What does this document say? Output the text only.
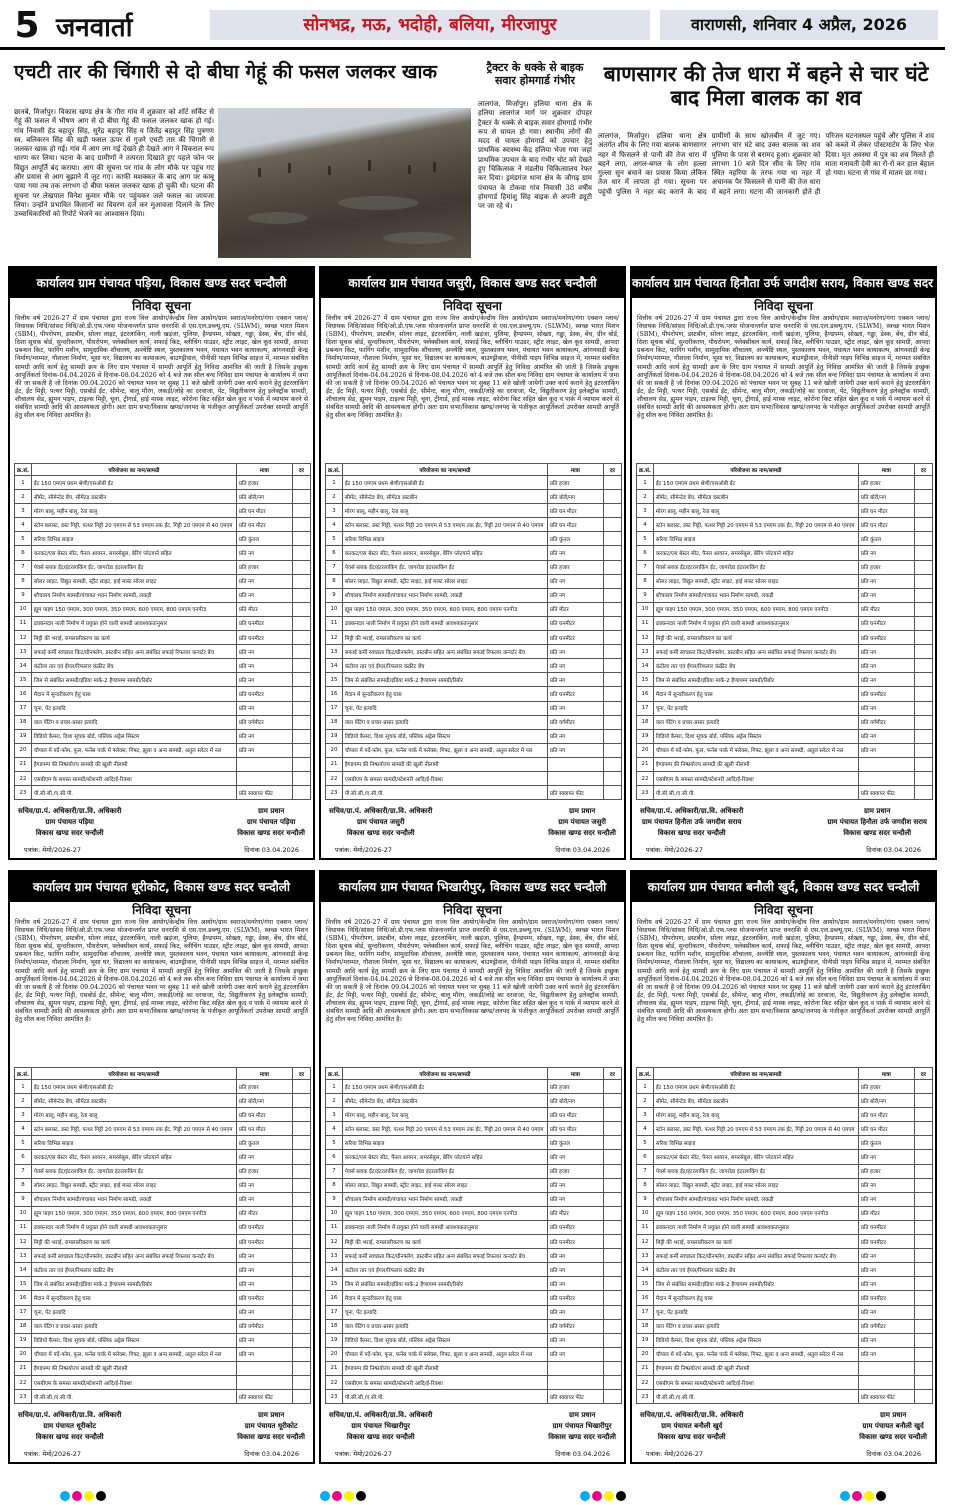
5 जनवार्ता	सोनभद्र, मऊ, भदोही, बलिया, मीरजापुर	वाराणसी, शनिवार 4 अप्रैल, 2026
एचटी तार की चिंगारी से दो बीघा गेहूं की फसल जलकर खाक
छानबे, मिर्जापुर। विकास खण्ड क्षेत्र के गौरा गांव में शुक्रवार को शॉर्ट सर्किट से गेहूं की फसल में भीषण आग से दो बीघा गेहूं की फसल जलकर खाक हो गई। गांव निवासी हेड बहादुर सिंह, सुरेंद्र बहादुर सिंह व जितेंद्र बहादुर सिंह पुत्रगण स्व. बलिकरन सिंह की खड़ी फसल ऊपर से गुजरे एचटी तार की चिंगारी से जलकर खाक हो गई। गांव में आग लग गई देखते ही देखते आग ने विकराल रूप धारण कर लिया। घटना के बाद ग्रामीणों ने तत्परता दिखाते हुए पहले फोन पर विद्युत आपूर्ति बंद कराया। आग की सूचना पर गांव के लोग मौके पर पहुंच गए और प्रयास से आग बुझाने में जुट गए। काफी मशक्कत के बाद आग पर काबू पाया गया तब तक लगभग दो बीघा फसल जलकर खाक हो चुकी थी। घटना की सूचना पर लेखपाल विनेश कुमार मौके पर पहुंचकर जले फसल का जायजा लिया। उन्होंने प्रभावित किसानों का विवरण दर्ज कर मुआवजा दिलाने के लिए उच्चाधिकारियों को रिपोर्ट भेजने का आश्वासन दिया।
ट्रैक्टर के धक्के से बाइक सवार होमगार्ड गंभीर
लालगंज, मिर्जापुर। हलिया थाना क्षेत्र के हलिया लालगंज मार्ग पर शुक्रवार दोपहर ट्रैक्टर के धक्के से बाइक सवार होमगार्ड गंभीर रूप से घायल हो गया। स्थानीय लोगों की मदद से घायल होमगार्ड को उपचार हेतु प्राथमिक स्वास्थ्य केंद्र हलिया भेजा गया जहां प्राथमिक उपचार के बाद गंभीर चोट को देखते हुए चिकित्सक ने मंडलीय चिकित्सालय रेफर कर दिया। ड्रमंडगंज थाना क्षेत्र के जौगढ़ ग्राम पंचायत के टोकवा गांव निवासी 38 वर्षीय होमगार्ड हिमांशु सिंह बाइक से अपनी ड्यूटी पर जा रहे थे।
बाणसागर की तेज धारा में बहने से चार घंटे बाद मिला बालक का शव
लालगंज, मिर्जापुर। हलिया थाना क्षेत्र अंतर्गत शीव के लिए गया बालक बाणसागर नहर में फिसलने से पानी की तेज धारा में बहने लगा, अगल-बगल के लोग हल्ला गुल्ला सुन बचाने का प्रयास किया लेकिन तेज धार में लापता हो गया। सूचना पर पहुंची पुलिस ने नहर बंद कराने के बाद ग्रामीणों के साथ खोजबीन में जुट गए। लगभग चार घंटे बाद उक्त बालक का शव पुलिया के पास से बरामद हुआ। शुक्रवार को लगभग 10 बजे दिन सीव के लिए गांव स्थित नहरिया के तरफ गया था नहर में अचानक पैर फिसलने से पानी की तेज धारा में बहने लगा। घटना की जानकारी होते ही परिजन घटनास्थल पहुंचे और पुलिस ने शव को कब्जे में लेकर पोस्टमार्टम के लिए भेज दिया। मृत अवस्था में पुत्र का शव मिलते ही माता मनावती देवी का रो-रो कर हाल बेहाल हो गया। घटना से गांव में मातम छा गया।
कार्यालय ग्राम पंचायत पड़िया, विकास खण्ड सदर चन्दौली
निविदा सूचना
वित्तीय वर्ष 2026-27 में ग्राम पंचायत द्वारा राज्य वित्त आयोग/केन्द्रीय वित्त आयोग/ग्राम स्वराज/मनरेगा/गंगा एक्शन प्लान/विधायक निधि/सांसद निधि/ओ.डी.एफ.प्लस योजनान्तर्गत प्राप्त धनराशि से एस.एल.डब्ल्यू.एम. (SLWM), स्वच्छ भारत मिशन (SBM), पीपरोपण, डस्टबीन, सोलर लाइट, इंटरलाकिंग, नाली खड़ंजा, पुलिया, हैण्डपम्प, सोख्ता, गड्ढा, डेस्क, बेंच, ग्रीन बोर्ड, दिशा सूचक बोर्ड, सुन्दरीकरण, पौधरोपण, फ्लेक्सीबल कार्य, सफाई किट, ब्लीचिंग पाउडर, स्ट्रीट लाइट, खेल कूद सामग्री, आपदा प्रबन्धन किट, फागिंग मशीन, सामुदायिक शौचालय, अन्त्येष्टि स्थल, पुस्तकालय भवन, पंचायत भवन कायाकल्प, आंगनवाड़ी केन्द्र निर्माण/मरम्मत, गौशाला निर्माण, भूसा घर, विद्यालय का कायाकल्प, बाउण्ड्रीवाल, पीनीसी पाइप विभिन्न साइज में, मरम्मत संबंधित सामग्री आदि कार्य हेतु सामग्री क्रय के लिए ग्राम पंचायत में सामग्री आपूर्ति हेतु निविदा आमंत्रित की जाती है जिसके इच्छुक आपूर्तिकर्ता दिनांक-04.04.2026 से दिनांक-08.04.2026 को 4 बजे तक सील बन्द निविदा ग्राम पंचायत के कार्यालय में जमा की जा सकती है जो दिनांक 09.04.2026 को पंचायत भवन पर सुबह 11 बजे खोली जायेगी उक्त कार्य कराने हेतु इंटरलाकिंग ईंट, ईंट मिट्टी, पत्थर मिट्टी, एसबोर्ड ईंट, सीमेन्ट, बालू मौरंग, लकड़ी/लोहे का दरवाजा, पेंट, विद्युतीकरण हेतु इलेक्ट्रॉक सामग्री, शौचालय सेड, ह्यूमन पाइप, टाइल्स मिट्टी, चूना, ट्रीगार्ड, हाई मास्क लाइट, कोरोना किट सहित खेल कूद व पार्क में व्यायाम करने से संबंधित सामग्री आदि की आवश्यकता होगी। अतः ग्राम सभा/विकास खण्ड/जनपद के पंजीकृत आपूर्तिकर्ता उपरोक्त सामग्री आपूर्ति हेतु सील बन्द निविदा आमंत्रित है।
क्र.सं.	परियोजना का नाम/सामग्री	मात्रा	दर
1	ईंट 150 एमएम प्रथम श्रेणी/एसओबी ईंट	प्रति हजार	
2	सीमेंट, सीमेन्टेड बेंच, सीमेंटड डस्टबीन	प्रति बोरी/नग	
3	मोरंग बालू, महीन बालू, रेता बालू	प्रति घन मीटर	
4	स्टोन बलास्ट, डस्ट गिट्टी, पत्थर गिट्टी 20 एमएम से 53 एमएम तक ईंट, गिट्टी 20 एमएम से 40 एमएम	प्रति घन मीटर	
5	सरिया विभिन्न साइज	प्रति कुंतल	
6	करकट/एस बेस्टर सीट, पैनल आयरन, समरसेबुल, बेरिंग प्लेटयार्न सहित	प्रति नग	
7	पेवर्स ब्लाक ईंट/इंटरलाकिंग ईंट, जागरोडा इंटरलाकिंग ईंट	प्रति हजार	
8	सोलर लाइट, विद्युत सामग्री, स्ट्रीट लाइट, हाई मास्ट सोलर लाइट	प्रति नग	
9	शौचालय निर्माण सामग्री/पंचायत भवन निर्माण सामग्री, लकड़ी	प्रति नग	
10	ह्यूम पाइप 150 एमएम, 300 एमएम, 350 एमएम, 600 एमएम, 800 एमएम एनपी3	प्रति मीटर	
11	ढक्कनदार नाली निर्माण में प्रयुक्त होने वाली सामग्री आवश्यकतानुसार	प्रति घनमीटर	
12	मिट्टी की भराई, रामलालीकरण का कार्य	प्रति घनमीटर	
13	सफाई कर्मी स्वच्छता किट/ग्रीनफ्लेग, डस्टबीन सहित अन्य संबंधित सफाई रिफलार कन्वर्टर बेंच	प्रति नग	
14	कंटीला तार एवं ईंगल/रिफलार कंक्रीट बेंच	प्रति नग	
15	जिम से संबंधित सामग्री/इंडिया मार्क-2 हैण्डपम्प सामग्री/रिबोर	प्रति नग	
16	मैदान में सुन्दरीकरण हेतु घास	प्रति घनमीटर	
17	चूना, पेंट इत्यादि	प्रति नग	
18	वाल पेंटिंग व प्रचार-प्रसार इत्यादि	प्रति वर्गमीटर	
19	विडियो कैमरा, दिशा सूचक बोर्ड, पब्लिक अड्रेस सिस्टम	प्रति नग	
20	चौपाल में पर्दे-फोम, फूल, फनेंस पार्क में फ्लेक्स, गिफ्ट, झूला व अन्य सामग्री, अतुल स्लेटर में नल	प्रति नग	
21	हैण्डपम्प की निष्प्रयोज्य सामग्री की खुली नीलामी		
22	एसबीएम के समस्त सामग्री/स्टेशनरी आदि/ई-रिक्शा		
23	पी.सी.सी./ए.सी.पी.	प्रति स्क्वायर फीट	
सचिव/ग्रा.पं. अधिकारी/ग्रा.वि. अधिकारी
ग्राम पंचायत पड़िया
विकास खण्ड सदर चन्दौली
ग्राम प्रधान
ग्राम पंचायत पड़िया
विकास खण्ड सदर चन्दौली
पत्रांक: मेमो/2026-27	दिनांक 03.04.2026
कार्यालय ग्राम पंचायत जसुरी, विकास खण्ड सदर चन्दौली
निविदा सूचना
वित्तीय वर्ष 2026-27 में ग्राम पंचायत द्वारा राज्य वित्त आयोग/केन्द्रीय वित्त आयोग/ग्राम स्वराज/मनरेगा/गंगा एक्शन प्लान/विधायक निधि/सांसद निधि/ओ.डी.एफ.प्लस योजनान्तर्गत प्राप्त धनराशि से एस.एल.डब्ल्यू.एम. (SLWM), स्वच्छ भारत मिशन (SBM), पीपरोपण, डस्टबीन, सोलर लाइट, इंटरलाकिंग, नाली खड़ंजा, पुलिया, हैण्डपम्प, सोख्ता, गड्ढा, डेस्क, बेंच, ग्रीन बोर्ड, दिशा सूचक बोर्ड, सुन्दरीकरण, पौधरोपण, फ्लेक्सीबल कार्य, सफाई किट, ब्लीचिंग पाउडर, स्ट्रीट लाइट, खेल कूद सामग्री, आपदा प्रबन्धन किट, फागिंग मशीन, सामुदायिक शौचालय, अन्त्येष्टि स्थल, पुस्तकालय भवन, पंचायत भवन कायाकल्प, आंगनवाड़ी केन्द्र निर्माण/मरम्मत, गौशाला निर्माण, भूसा घर, विद्यालय का कायाकल्प, बाउण्ड्रीवाल, पीनीसी पाइप विभिन्न साइज में, मरम्मत संबंधित सामग्री आदि कार्य हेतु सामग्री क्रय के लिए ग्राम पंचायत में सामग्री आपूर्ति हेतु निविदा आमंत्रित की जाती है जिसके इच्छुक आपूर्तिकर्ता दिनांक-04.04.2026 से दिनांक-08.04.2026 को 4 बजे तक सील बन्द निविदा ग्राम पंचायत के कार्यालय में जमा की जा सकती है जो दिनांक 09.04.2026 को पंचायत भवन पर सुबह 11 बजे खोली जायेगी उक्त कार्य कराने हेतु इंटरलाकिंग ईंट, ईंट मिट्टी, पत्थर मिट्टी, एसबोर्ड ईंट, सीमेन्ट, बालू मौरंग, लकड़ी/लोहे का दरवाजा, पेंट, विद्युतीकरण हेतु इलेक्ट्रॉक सामग्री, शौचालय सेड, ह्यूमन पाइप, टाइल्स मिट्टी, चूना, ट्रीगार्ड, हाई मास्क लाइट, कोरोना किट सहित खेल कूद व पार्क में व्यायाम करने से संबंधित सामग्री आदि की आवश्यकता होगी। अतः ग्राम सभा/विकास खण्ड/जनपद के पंजीकृत आपूर्तिकर्ता उपरोक्त सामग्री आपूर्ति हेतु सील बन्द निविदा आमंत्रित है।
क्र.सं.	परियोजना का नाम/सामग्री	मात्रा	दर
1	ईंट 150 एमएम प्रथम श्रेणी/एसओबी ईंट	प्रति हजार	
2	सीमेंट, सीमेन्टेड बेंच, सीमेंटड डस्टबीन	प्रति बोरी/नग	
3	मोरंग बालू, महीन बालू, रेता बालू	प्रति घन मीटर	
4	स्टोन बलास्ट, डस्ट गिट्टी, पत्थर गिट्टी 20 एमएम से 53 एमएम तक ईंट, गिट्टी 20 एमएम से 40 एमएम	प्रति घन मीटर	
5	सरिया विभिन्न साइज	प्रति कुंतल	
6	करकट/एस बेस्टर सीट, पैनल आयरन, समरसेबुल, बेरिंग प्लेटयार्न सहित	प्रति नग	
7	पेवर्स ब्लाक ईंट/इंटरलाकिंग ईंट, जागरोडा इंटरलाकिंग ईंट	प्रति हजार	
8	सोलर लाइट, विद्युत सामग्री, स्ट्रीट लाइट, हाई मास्ट सोलर लाइट	प्रति नग	
9	शौचालय निर्माण सामग्री/पंचायत भवन निर्माण सामग्री, लकड़ी	प्रति नग	
10	ह्यूम पाइप 150 एमएम, 300 एमएम, 350 एमएम, 600 एमएम, 800 एमएम एनपी3	प्रति मीटर	
11	ढक्कनदार नाली निर्माण में प्रयुक्त होने वाली सामग्री आवश्यकतानुसार	प्रति घनमीटर	
12	मिट्टी की भराई, रामलालीकरण का कार्य	प्रति घनमीटर	
13	सफाई कर्मी स्वच्छता किट/ग्रीनफ्लेग, डस्टबीन सहित अन्य संबंधित सफाई रिफलार कन्वर्टर बेंच	प्रति नग	
14	कंटीला तार एवं ईंगल/रिफलार कंक्रीट बेंच	प्रति नग	
15	जिम से संबंधित सामग्री/इंडिया मार्क-2 हैण्डपम्प सामग्री/रिबोर	प्रति नग	
16	मैदान में सुन्दरीकरण हेतु घास	प्रति घनमीटर	
17	चूना, पेंट इत्यादि	प्रति नग	
18	वाल पेंटिंग व प्रचार-प्रसार इत्यादि	प्रति वर्गमीटर	
19	विडियो कैमरा, दिशा सूचक बोर्ड, पब्लिक अड्रेस सिस्टम	प्रति नग	
20	चौपाल में पर्दे-फोम, फूल, फनेंस पार्क में फ्लेक्स, गिफ्ट, झूला व अन्य सामग्री, अतुल स्लेटर में नल	प्रति नग	
21	हैण्डपम्प की निष्प्रयोज्य सामग्री की खुली नीलामी		
22	एसबीएम के समस्त सामग्री/स्टेशनरी आदि/ई-रिक्शा		
23	पी.सी.सी./ए.सी.पी.	प्रति स्क्वायर फीट	
सचिव/ग्रा.पं. अधिकारी/ग्रा.वि. अधिकारी
ग्राम पंचायत जसुरी
विकास खण्ड सदर चन्दौली
ग्राम प्रधान
ग्राम पंचायत जसुरी
विकास खण्ड सदर चन्दौली
पत्रांक: मेमो/2026-27	दिनांक 03.04.2026
कार्यालय ग्राम पंचायत हिनौता उर्फ जगदीश सराय, विकास खण्ड सदर चन्दौली
निविदा सूचना
वित्तीय वर्ष 2026-27 में ग्राम पंचायत द्वारा राज्य वित्त आयोग/केन्द्रीय वित्त आयोग/ग्राम स्वराज/मनरेगा/गंगा एक्शन प्लान/विधायक निधि/सांसद निधि/ओ.डी.एफ.प्लस योजनान्तर्गत प्राप्त धनराशि से एस.एल.डब्ल्यू.एम. (SLWM), स्वच्छ भारत मिशन (SBM), पीपरोपण, डस्टबीन, सोलर लाइट, इंटरलाकिंग, नाली खड़ंजा, पुलिया, हैण्डपम्प, सोख्ता, गड्ढा, डेस्क, बेंच, ग्रीन बोर्ड, दिशा सूचक बोर्ड, सुन्दरीकरण, पौधरोपण, फ्लेक्सीबल कार्य, सफाई किट, ब्लीचिंग पाउडर, स्ट्रीट लाइट, खेल कूद सामग्री, आपदा प्रबन्धन किट, फागिंग मशीन, सामुदायिक शौचालय, अन्त्येष्टि स्थल, पुस्तकालय भवन, पंचायत भवन कायाकल्प, आंगनवाड़ी केन्द्र निर्माण/मरम्मत, गौशाला निर्माण, भूसा घर, विद्यालय का कायाकल्प, बाउण्ड्रीवाल, पीनीसी पाइप विभिन्न साइज में, मरम्मत संबंधित सामग्री आदि कार्य हेतु सामग्री क्रय के लिए ग्राम पंचायत में सामग्री आपूर्ति हेतु निविदा आमंत्रित की जाती है जिसके इच्छुक आपूर्तिकर्ता दिनांक-04.04.2026 से दिनांक-08.04.2026 को 4 बजे तक सील बन्द निविदा ग्राम पंचायत के कार्यालय में जमा की जा सकती है जो दिनांक 09.04.2026 को पंचायत भवन पर सुबह 11 बजे खोली जायेगी उक्त कार्य कराने हेतु इंटरलाकिंग ईंट, ईंट मिट्टी, पत्थर मिट्टी, एसबोर्ड ईंट, सीमेन्ट, बालू मौरंग, लकड़ी/लोहे का दरवाजा, पेंट, विद्युतीकरण हेतु इलेक्ट्रॉक सामग्री, शौचालय सेड, ह्यूमन पाइप, टाइल्स मिट्टी, चूना, ट्रीगार्ड, हाई मास्क लाइट, कोरोना किट सहित खेल कूद व पार्क में व्यायाम करने से संबंधित सामग्री आदि की आवश्यकता होगी। अतः ग्राम सभा/विकास खण्ड/जनपद के पंजीकृत आपूर्तिकर्ता उपरोक्त सामग्री आपूर्ति हेतु सील बन्द निविदा आमंत्रित है।
क्र.सं.	परियोजना का नाम/सामग्री	मात्रा	दर
1	ईंट 150 एमएम प्रथम श्रेणी/एसओबी ईंट	प्रति हजार	
2	सीमेंट, सीमेन्टेड बेंच, सीमेंटड डस्टबीन	प्रति बोरी/नग	
3	मोरंग बालू, महीन बालू, रेता बालू	प्रति घन मीटर	
4	स्टोन बलास्ट, डस्ट गिट्टी, पत्थर गिट्टी 20 एमएम से 53 एमएम तक ईंट, गिट्टी 20 एमएम से 40 एमएम	प्रति घन मीटर	
5	सरिया विभिन्न साइज	प्रति कुंतल	
6	करकट/एस बेस्टर सीट, पैनल आयरन, समरसेबुल, बेरिंग प्लेटयार्न सहित	प्रति नग	
7	पेवर्स ब्लाक ईंट/इंटरलाकिंग ईंट, जागरोडा इंटरलाकिंग ईंट	प्रति हजार	
8	सोलर लाइट, विद्युत सामग्री, स्ट्रीट लाइट, हाई मास्ट सोलर लाइट	प्रति नग	
9	शौचालय निर्माण सामग्री/पंचायत भवन निर्माण सामग्री, लकड़ी	प्रति नग	
10	ह्यूम पाइप 150 एमएम, 300 एमएम, 350 एमएम, 600 एमएम, 800 एमएम एनपी3	प्रति मीटर	
11	ढक्कनदार नाली निर्माण में प्रयुक्त होने वाली सामग्री आवश्यकतानुसार	प्रति घनमीटर	
12	मिट्टी की भराई, रामलालीकरण का कार्य	प्रति घनमीटर	
13	सफाई कर्मी स्वच्छता किट/ग्रीनफ्लेग, डस्टबीन सहित अन्य संबंधित सफाई रिफलार कन्वर्टर बेंच	प्रति नग	
14	कंटीला तार एवं ईंगल/रिफलार कंक्रीट बेंच	प्रति नग	
15	जिम से संबंधित सामग्री/इंडिया मार्क-2 हैण्डपम्प सामग्री/रिबोर	प्रति नग	
16	मैदान में सुन्दरीकरण हेतु घास	प्रति घनमीटर	
17	चूना, पेंट इत्यादि	प्रति नग	
18	वाल पेंटिंग व प्रचार-प्रसार इत्यादि	प्रति वर्गमीटर	
19	विडियो कैमरा, दिशा सूचक बोर्ड, पब्लिक अड्रेस सिस्टम	प्रति नग	
20	चौपाल में पर्दे-फोम, फूल, फनेंस पार्क में फ्लेक्स, गिफ्ट, झूला व अन्य सामग्री, अतुल स्लेटर में नल	प्रति नग	
21	हैण्डपम्प की निष्प्रयोज्य सामग्री की खुली नीलामी		
22	एसबीएम के समस्त सामग्री/स्टेशनरी आदि/ई-रिक्शा		
23	पी.सी.सी./ए.सी.पी.	प्रति स्क्वायर फीट	
सचिव/ग्रा.पं. अधिकारी/ग्रा.वि. अधिकारी
ग्राम पंचायत हिनौता उर्फ जगदीश सराय
विकास खण्ड सदर चन्दौली
ग्राम प्रधान
ग्राम पंचायत हिनौता उर्फ जगदीश सराय
विकास खण्ड सदर चन्दौली
पत्रांक: मेमो/2026-27	दिनांक 03.04.2026
कार्यालय ग्राम पंचायत धूरीकोट, विकास खण्ड सदर चन्दौली
निविदा सूचना
वित्तीय वर्ष 2026-27 में ग्राम पंचायत द्वारा राज्य वित्त आयोग/केन्द्रीय वित्त आयोग/ग्राम स्वराज/मनरेगा/गंगा एक्शन प्लान/विधायक निधि/सांसद निधि/ओ.डी.एफ.प्लस योजनान्तर्गत प्राप्त धनराशि से एस.एल.डब्ल्यू.एम. (SLWM), स्वच्छ भारत मिशन (SBM), पीपरोपण, डस्टबीन, सोलर लाइट, इंटरलाकिंग, नाली खड़ंजा, पुलिया, हैण्डपम्प, सोख्ता, गड्ढा, डेस्क, बेंच, ग्रीन बोर्ड, दिशा सूचक बोर्ड, सुन्दरीकरण, पौधरोपण, फ्लेक्सीबल कार्य, सफाई किट, ब्लीचिंग पाउडर, स्ट्रीट लाइट, खेल कूद सामग्री, आपदा प्रबन्धन किट, फागिंग मशीन, सामुदायिक शौचालय, अन्त्येष्टि स्थल, पुस्तकालय भवन, पंचायत भवन कायाकल्प, आंगनवाड़ी केन्द्र निर्माण/मरम्मत, गौशाला निर्माण, भूसा घर, विद्यालय का कायाकल्प, बाउण्ड्रीवाल, पीनीसी पाइप विभिन्न साइज में, मरम्मत संबंधित सामग्री आदि कार्य हेतु सामग्री क्रय के लिए ग्राम पंचायत में सामग्री आपूर्ति हेतु निविदा आमंत्रित की जाती है जिसके इच्छुक आपूर्तिकर्ता दिनांक-04.04.2026 से दिनांक-08.04.2026 को 4 बजे तक सील बन्द निविदा ग्राम पंचायत के कार्यालय में जमा की जा सकती है जो दिनांक 09.04.2026 को पंचायत भवन पर सुबह 11 बजे खोली जायेगी उक्त कार्य कराने हेतु इंटरलाकिंग ईंट, ईंट मिट्टी, पत्थर मिट्टी, एसबोर्ड ईंट, सीमेन्ट, बालू मौरंग, लकड़ी/लोहे का दरवाजा, पेंट, विद्युतीकरण हेतु इलेक्ट्रॉक सामग्री, शौचालय सेड, ह्यूमन पाइप, टाइल्स मिट्टी, चूना, ट्रीगार्ड, हाई मास्क लाइट, कोरोना किट सहित खेल कूद व पार्क में व्यायाम करने से संबंधित सामग्री आदि की आवश्यकता होगी। अतः ग्राम सभा/विकास खण्ड/जनपद के पंजीकृत आपूर्तिकर्ता उपरोक्त सामग्री आपूर्ति हेतु सील बन्द निविदा आमंत्रित है।
क्र.सं.	परियोजना का नाम/सामग्री	मात्रा	दर
1	ईंट 150 एमएम प्रथम श्रेणी/एसओबी ईंट	प्रति हजार	
2	सीमेंट, सीमेन्टेड बेंच, सीमेंटड डस्टबीन	प्रति बोरी/नग	
3	मोरंग बालू, महीन बालू, रेता बालू	प्रति घन मीटर	
4	स्टोन बलास्ट, डस्ट गिट्टी, पत्थर गिट्टी 20 एमएम से 53 एमएम तक ईंट, गिट्टी 20 एमएम से 40 एमएम	प्रति घन मीटर	
5	सरिया विभिन्न साइज	प्रति कुंतल	
6	करकट/एस बेस्टर सीट, पैनल आयरन, समरसेबुल, बेरिंग प्लेटयार्न सहित	प्रति नग	
7	पेवर्स ब्लाक ईंट/इंटरलाकिंग ईंट, जागरोडा इंटरलाकिंग ईंट	प्रति हजार	
8	सोलर लाइट, विद्युत सामग्री, स्ट्रीट लाइट, हाई मास्ट सोलर लाइट	प्रति नग	
9	शौचालय निर्माण सामग्री/पंचायत भवन निर्माण सामग्री, लकड़ी	प्रति नग	
10	ह्यूम पाइप 150 एमएम, 300 एमएम, 350 एमएम, 600 एमएम, 800 एमएम एनपी3	प्रति मीटर	
11	ढक्कनदार नाली निर्माण में प्रयुक्त होने वाली सामग्री आवश्यकतानुसार	प्रति घनमीटर	
12	मिट्टी की भराई, रामलालीकरण का कार्य	प्रति घनमीटर	
13	सफाई कर्मी स्वच्छता किट/ग्रीनफ्लेग, डस्टबीन सहित अन्य संबंधित सफाई रिफलार कन्वर्टर बेंच	प्रति नग	
14	कंटीला तार एवं ईंगल/रिफलार कंक्रीट बेंच	प्रति नग	
15	जिम से संबंधित सामग्री/इंडिया मार्क-2 हैण्डपम्प सामग्री/रिबोर	प्रति नग	
16	मैदान में सुन्दरीकरण हेतु घास	प्रति घनमीटर	
17	चूना, पेंट इत्यादि	प्रति नग	
18	वाल पेंटिंग व प्रचार-प्रसार इत्यादि	प्रति वर्गमीटर	
19	विडियो कैमरा, दिशा सूचक बोर्ड, पब्लिक अड्रेस सिस्टम	प्रति नग	
20	चौपाल में पर्दे-फोम, फूल, फनेंस पार्क में फ्लेक्स, गिफ्ट, झूला व अन्य सामग्री, अतुल स्लेटर में नल	प्रति नग	
21	हैण्डपम्प की निष्प्रयोज्य सामग्री की खुली नीलामी		
22	एसबीएम के समस्त सामग्री/स्टेशनरी आदि/ई-रिक्शा		
23	पी.सी.सी./ए.सी.पी.	प्रति स्क्वायर फीट	
सचिव/ग्रा.पं. अधिकारी/ग्रा.वि. अधिकारी
ग्राम पंचायत धूरीकोट
विकास खण्ड सदर चन्दौली
ग्राम प्रधान
ग्राम पंचायत धूरीकोट
विकास खण्ड सदर चन्दौली
पत्रांक: मेमो/2026-27	दिनांक 03.04.2026
कार्यालय ग्राम पंचायत भिखारीपुर, विकास खण्ड सदर चन्दौली
निविदा सूचना
वित्तीय वर्ष 2026-27 में ग्राम पंचायत द्वारा राज्य वित्त आयोग/केन्द्रीय वित्त आयोग/ग्राम स्वराज/मनरेगा/गंगा एक्शन प्लान/विधायक निधि/सांसद निधि/ओ.डी.एफ.प्लस योजनान्तर्गत प्राप्त धनराशि से एस.एल.डब्ल्यू.एम. (SLWM), स्वच्छ भारत मिशन (SBM), पीपरोपण, डस्टबीन, सोलर लाइट, इंटरलाकिंग, नाली खड़ंजा, पुलिया, हैण्डपम्प, सोख्ता, गड्ढा, डेस्क, बेंच, ग्रीन बोर्ड, दिशा सूचक बोर्ड, सुन्दरीकरण, पौधरोपण, फ्लेक्सीबल कार्य, सफाई किट, ब्लीचिंग पाउडर, स्ट्रीट लाइट, खेल कूद सामग्री, आपदा प्रबन्धन किट, फागिंग मशीन, सामुदायिक शौचालय, अन्त्येष्टि स्थल, पुस्तकालय भवन, पंचायत भवन कायाकल्प, आंगनवाड़ी केन्द्र निर्माण/मरम्मत, गौशाला निर्माण, भूसा घर, विद्यालय का कायाकल्प, बाउण्ड्रीवाल, पीनीसी पाइप विभिन्न साइज में, मरम्मत संबंधित सामग्री आदि कार्य हेतु सामग्री क्रय के लिए ग्राम पंचायत में सामग्री आपूर्ति हेतु निविदा आमंत्रित की जाती है जिसके इच्छुक आपूर्तिकर्ता दिनांक-04.04.2026 से दिनांक-08.04.2026 को 4 बजे तक सील बन्द निविदा ग्राम पंचायत के कार्यालय में जमा की जा सकती है जो दिनांक 09.04.2026 को पंचायत भवन पर सुबह 11 बजे खोली जायेगी उक्त कार्य कराने हेतु इंटरलाकिंग ईंट, ईंट मिट्टी, पत्थर मिट्टी, एसबोर्ड ईंट, सीमेन्ट, बालू मौरंग, लकड़ी/लोहे का दरवाजा, पेंट, विद्युतीकरण हेतु इलेक्ट्रॉक सामग्री, शौचालय सेड, ह्यूमन पाइप, टाइल्स मिट्टी, चूना, ट्रीगार्ड, हाई मास्क लाइट, कोरोना किट सहित खेल कूद व पार्क में व्यायाम करने से संबंधित सामग्री आदि की आवश्यकता होगी। अतः ग्राम सभा/विकास खण्ड/जनपद के पंजीकृत आपूर्तिकर्ता उपरोक्त सामग्री आपूर्ति हेतु सील बन्द निविदा आमंत्रित है।
क्र.सं.	परियोजना का नाम/सामग्री	मात्रा	दर
1	ईंट 150 एमएम प्रथम श्रेणी/एसओबी ईंट	प्रति हजार	
2	सीमेंट, सीमेन्टेड बेंच, सीमेंटड डस्टबीन	प्रति बोरी/नग	
3	मोरंग बालू, महीन बालू, रेता बालू	प्रति घन मीटर	
4	स्टोन बलास्ट, डस्ट गिट्टी, पत्थर गिट्टी 20 एमएम से 53 एमएम तक ईंट, गिट्टी 20 एमएम से 40 एमएम	प्रति घन मीटर	
5	सरिया विभिन्न साइज	प्रति कुंतल	
6	करकट/एस बेस्टर सीट, पैनल आयरन, समरसेबुल, बेरिंग प्लेटयार्न सहित	प्रति नग	
7	पेवर्स ब्लाक ईंट/इंटरलाकिंग ईंट, जागरोडा इंटरलाकिंग ईंट	प्रति हजार	
8	सोलर लाइट, विद्युत सामग्री, स्ट्रीट लाइट, हाई मास्ट सोलर लाइट	प्रति नग	
9	शौचालय निर्माण सामग्री/पंचायत भवन निर्माण सामग्री, लकड़ी	प्रति नग	
10	ह्यूम पाइप 150 एमएम, 300 एमएम, 350 एमएम, 600 एमएम, 800 एमएम एनपी3	प्रति मीटर	
11	ढक्कनदार नाली निर्माण में प्रयुक्त होने वाली सामग्री आवश्यकतानुसार	प्रति घनमीटर	
12	मिट्टी की भराई, रामलालीकरण का कार्य	प्रति घनमीटर	
13	सफाई कर्मी स्वच्छता किट/ग्रीनफ्लेग, डस्टबीन सहित अन्य संबंधित सफाई रिफलार कन्वर्टर बेंच	प्रति नग	
14	कंटीला तार एवं ईंगल/रिफलार कंक्रीट बेंच	प्रति नग	
15	जिम से संबंधित सामग्री/इंडिया मार्क-2 हैण्डपम्प सामग्री/रिबोर	प्रति नग	
16	मैदान में सुन्दरीकरण हेतु घास	प्रति घनमीटर	
17	चूना, पेंट इत्यादि	प्रति नग	
18	वाल पेंटिंग व प्रचार-प्रसार इत्यादि	प्रति वर्गमीटर	
19	विडियो कैमरा, दिशा सूचक बोर्ड, पब्लिक अड्रेस सिस्टम	प्रति नग	
20	चौपाल में पर्दे-फोम, फूल, फनेंस पार्क में फ्लेक्स, गिफ्ट, झूला व अन्य सामग्री, अतुल स्लेटर में नल	प्रति नग	
21	हैण्डपम्प की निष्प्रयोज्य सामग्री की खुली नीलामी		
22	एसबीएम के समस्त सामग्री/स्टेशनरी आदि/ई-रिक्शा		
23	पी.सी.सी./ए.सी.पी.	प्रति स्क्वायर फीट	
सचिव/ग्रा.पं. अधिकारी/ग्रा.वि. अधिकारी
ग्राम पंचायत भिखारीपुर
विकास खण्ड सदर चन्दौली
ग्राम प्रधान
ग्राम पंचायत भिखारीपुर
विकास खण्ड सदर चन्दौली
पत्रांक: मेमो/2026-27	दिनांक 03.04.2026
कार्यालय ग्राम पंचायत बनौली खुर्द, विकास खण्ड सदर चन्दौली
निविदा सूचना
वित्तीय वर्ष 2026-27 में ग्राम पंचायत द्वारा राज्य वित्त आयोग/केन्द्रीय वित्त आयोग/ग्राम स्वराज/मनरेगा/गंगा एक्शन प्लान/विधायक निधि/सांसद निधि/ओ.डी.एफ.प्लस योजनान्तर्गत प्राप्त धनराशि से एस.एल.डब्ल्यू.एम. (SLWM), स्वच्छ भारत मिशन (SBM), पीपरोपण, डस्टबीन, सोलर लाइट, इंटरलाकिंग, नाली खड़ंजा, पुलिया, हैण्डपम्प, सोख्ता, गड्ढा, डेस्क, बेंच, ग्रीन बोर्ड, दिशा सूचक बोर्ड, सुन्दरीकरण, पौधरोपण, फ्लेक्सीबल कार्य, सफाई किट, ब्लीचिंग पाउडर, स्ट्रीट लाइट, खेल कूद सामग्री, आपदा प्रबन्धन किट, फागिंग मशीन, सामुदायिक शौचालय, अन्त्येष्टि स्थल, पुस्तकालय भवन, पंचायत भवन कायाकल्प, आंगनवाड़ी केन्द्र निर्माण/मरम्मत, गौशाला निर्माण, भूसा घर, विद्यालय का कायाकल्प, बाउण्ड्रीवाल, पीनीसी पाइप विभिन्न साइज में, मरम्मत संबंधित सामग्री आदि कार्य हेतु सामग्री क्रय के लिए ग्राम पंचायत में सामग्री आपूर्ति हेतु निविदा आमंत्रित की जाती है जिसके इच्छुक आपूर्तिकर्ता दिनांक-04.04.2026 से दिनांक-08.04.2026 को 4 बजे तक सील बन्द निविदा ग्राम पंचायत के कार्यालय में जमा की जा सकती है जो दिनांक 09.04.2026 को पंचायत भवन पर सुबह 11 बजे खोली जायेगी उक्त कार्य कराने हेतु इंटरलाकिंग ईंट, ईंट मिट्टी, पत्थर मिट्टी, एसबोर्ड ईंट, सीमेन्ट, बालू मौरंग, लकड़ी/लोहे का दरवाजा, पेंट, विद्युतीकरण हेतु इलेक्ट्रॉक सामग्री, शौचालय सेड, ह्यूमन पाइप, टाइल्स मिट्टी, चूना, ट्रीगार्ड, हाई मास्क लाइट, कोरोना किट सहित खेल कूद व पार्क में व्यायाम करने से संबंधित सामग्री आदि की आवश्यकता होगी। अतः ग्राम सभा/विकास खण्ड/जनपद के पंजीकृत आपूर्तिकर्ता उपरोक्त सामग्री आपूर्ति हेतु सील बन्द निविदा आमंत्रित है।
क्र.सं.	परियोजना का नाम/सामग्री	मात्रा	दर
1	ईंट 150 एमएम प्रथम श्रेणी/एसओबी ईंट	प्रति हजार	
2	सीमेंट, सीमेन्टेड बेंच, सीमेंटड डस्टबीन	प्रति बोरी/नग	
3	मोरंग बालू, महीन बालू, रेता बालू	प्रति घन मीटर	
4	स्टोन बलास्ट, डस्ट गिट्टी, पत्थर गिट्टी 20 एमएम से 53 एमएम तक ईंट, गिट्टी 20 एमएम से 40 एमएम	प्रति घन मीटर	
5	सरिया विभिन्न साइज	प्रति कुंतल	
6	करकट/एस बेस्टर सीट, पैनल आयरन, समरसेबुल, बेरिंग प्लेटयार्न सहित	प्रति नग	
7	पेवर्स ब्लाक ईंट/इंटरलाकिंग ईंट, जागरोडा इंटरलाकिंग ईंट	प्रति हजार	
8	सोलर लाइट, विद्युत सामग्री, स्ट्रीट लाइट, हाई मास्ट सोलर लाइट	प्रति नग	
9	शौचालय निर्माण सामग्री/पंचायत भवन निर्माण सामग्री, लकड़ी	प्रति नग	
10	ह्यूम पाइप 150 एमएम, 300 एमएम, 350 एमएम, 600 एमएम, 800 एमएम एनपी3	प्रति मीटर	
11	ढक्कनदार नाली निर्माण में प्रयुक्त होने वाली सामग्री आवश्यकतानुसार	प्रति घनमीटर	
12	मिट्टी की भराई, रामलालीकरण का कार्य	प्रति घनमीटर	
13	सफाई कर्मी स्वच्छता किट/ग्रीनफ्लेग, डस्टबीन सहित अन्य संबंधित सफाई रिफलार कन्वर्टर बेंच	प्रति नग	
14	कंटीला तार एवं ईंगल/रिफलार कंक्रीट बेंच	प्रति नग	
15	जिम से संबंधित सामग्री/इंडिया मार्क-2 हैण्डपम्प सामग्री/रिबोर	प्रति नग	
16	मैदान में सुन्दरीकरण हेतु घास	प्रति घनमीटर	
17	चूना, पेंट इत्यादि	प्रति नग	
18	वाल पेंटिंग व प्रचार-प्रसार इत्यादि	प्रति वर्गमीटर	
19	विडियो कैमरा, दिशा सूचक बोर्ड, पब्लिक अड्रेस सिस्टम	प्रति नग	
20	चौपाल में पर्दे-फोम, फूल, फनेंस पार्क में फ्लेक्स, गिफ्ट, झूला व अन्य सामग्री, अतुल स्लेटर में नल	प्रति नग	
21	हैण्डपम्प की निष्प्रयोज्य सामग्री की खुली नीलामी		
22	एसबीएम के समस्त सामग्री/स्टेशनरी आदि/ई-रिक्शा		
23	पी.सी.सी./ए.सी.पी.	प्रति स्क्वायर फीट	
सचिव/ग्रा.पं. अधिकारी/ग्रा.वि. अधिकारी
ग्राम पंचायत बनौली खुर्द
विकास खण्ड सदर चन्दौली
ग्राम प्रधान
ग्राम पंचायत बनौली खुर्द
विकास खण्ड सदर चन्दौली
पत्रांक: मेमो/2026-27	दिनांक 03.04.2026
